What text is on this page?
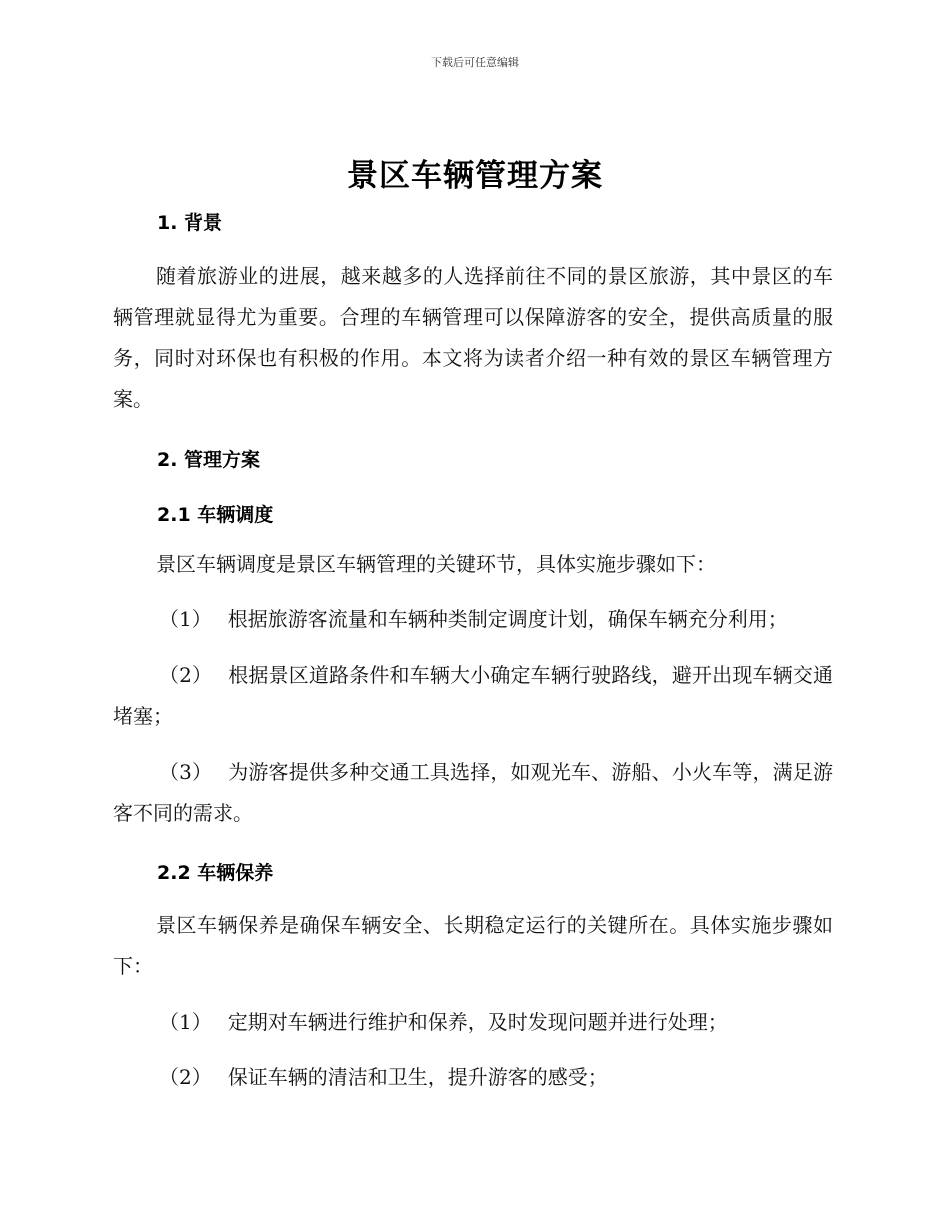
下载后可任意编辑
景区车辆管理方案
1. 背景

随着旅游业的进展，越来越多的人选择前往不同的景区旅游，其中景区的车辆管理就显得尤为重要。合理的车辆管理可以保障游客的安全，提供高质量的服务，同时对环保也有积极的作用。本文将为读者介绍一种有效的景区车辆管理方案。

2. 管理方案
2.1 车辆调度

景区车辆调度是景区车辆管理的关键环节，具体实施步骤如下：

（1） 根据旅游客流量和车辆种类制定调度计划，确保车辆充分利用；

（2） 根据景区道路条件和车辆大小确定车辆行驶路线，避开出现车辆交通堵塞；

（3） 为游客提供多种交通工具选择，如观光车、游船、小火车等，满足游客不同的需求。

2.2 车辆保养

景区车辆保养是确保车辆安全、长期稳定运行的关键所在。具体实施步骤如下：

（1） 定期对车辆进行维护和保养，及时发现问题并进行处理；

（2） 保证车辆的清洁和卫生，提升游客的感受；
